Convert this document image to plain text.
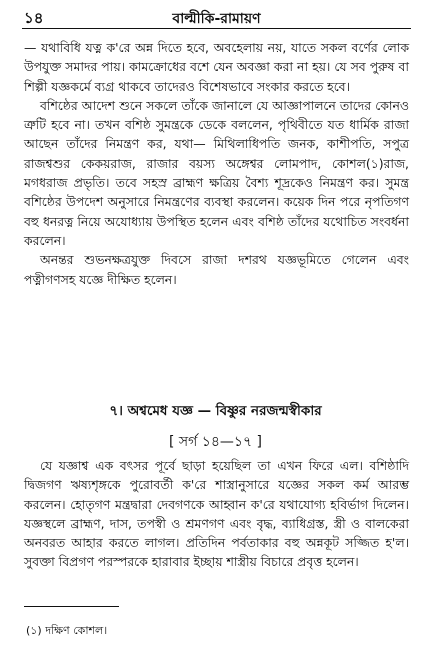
১৪	বাল্মীকি-রামায়ণ

— যথাবিধি যত্ন ক'রে অন্ন দিতে হবে, অবহেলায় নয়, যাতে সকল বর্ণের লোক উপযুক্ত সমাদর পায়। কামক্রোধের বশে যেন অবজ্ঞা করা না হয়। যে সব পুরুষ বা শিল্পী যজ্ঞকর্মে ব্যগ্র থাকবে তাদেরও বিশেষভাবে সংকার করতে হবে।

বশিষ্ঠের আদেশ শুনে সকলে তাঁকে জানালে যে আজ্ঞাপালনে তাদের কোনও ত্রুটি হবে না। তখন বশিষ্ঠ সুমন্ত্রকে ডেকে বললেন, পৃথিবীতে যত ধার্মিক রাজা আছেন তাঁদের নিমন্ত্রণ কর, যথা— মিথিলাধিপতি জনক, কাশীপতি, সপুত্র রাজশ্বশুর কেকয়রাজ, রাজার বয়স্য অঙ্গেশ্বর লোমপাদ, কোশল(১)রাজ, মগধরাজ প্রভৃতি। তবে সহস্র ব্রাহ্মণ ক্ষত্রিয় বৈশ্য শূদ্রকেও নিমন্ত্রণ কর। সুমন্ত্র বশিষ্ঠের উপদেশ অনুসারে নিমন্ত্রণের ব্যবস্থা করলেন। কয়েক দিন পরে নৃপতিগণ বহু ধনরত্ন নিয়ে অযোধ্যায় উপস্থিত হলেন এবং বশিষ্ঠ তাঁদের যথোচিত সংবর্ধনা করলেন।

অনন্তর শুভনক্ষত্রযুক্ত দিবসে রাজা দশরথ যজ্ঞভূমিতে গেলেন এবং পত্নীগণসহ যজ্ঞে দীক্ষিত হলেন।

৭। অশ্বমেধ যজ্ঞ — বিষ্ণুর নরজন্মস্বীকার
[ সর্গ ১৪—১৭ ]

যে যজ্ঞাশ্ব এক বৎসর পূর্বে ছাড়া হয়েছিল তা এখন ফিরে এল। বশিষ্ঠাদি দ্বিজগণ ঋষ্যশৃঙ্গকে পুরোবর্তী ক'রে শাস্ত্রানুসারে যজ্ঞের সকল কর্ম আরম্ভ করলেন। হোতৃগণ মন্ত্রদ্বারা দেবগণকে আহ্বান ক'রে যথাযোগ্য হবির্ভাগ দিলেন। যজ্ঞস্থলে ব্রাহ্মণ, দাস, তপস্বী ও শ্রমণগণ এবং বৃদ্ধ, ব্যাধিগ্রস্ত, স্ত্রী ও বালকেরা অনবরত আহার করতে লাগল। প্রতিদিন পর্বতাকার বহু অন্নকূট সজ্জিত হ'ল। সুবক্তা বিপ্রগণ পরস্পরকে হারাবার ইচ্ছায় শাস্ত্রীয় বিচারে প্রবৃত্ত হলেন।

(১) দক্ষিণ কোশল।
